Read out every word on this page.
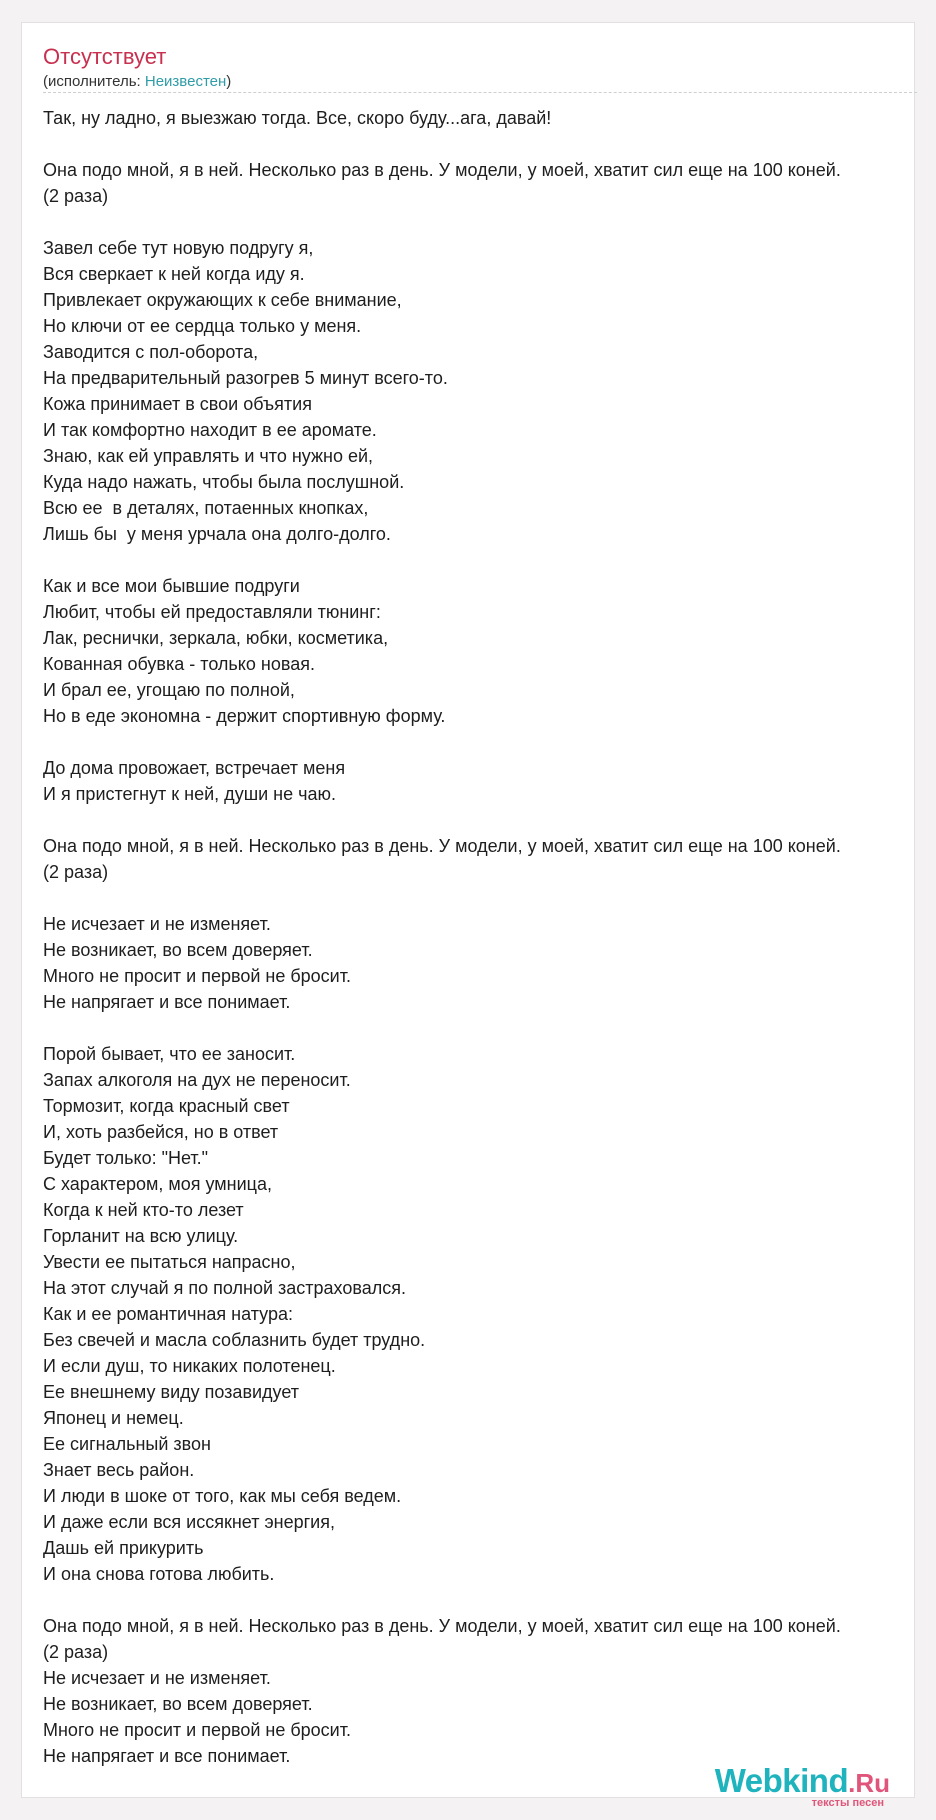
Отсутствует
(исполнитель: Неизвестен)
Так, ну ладно, я выезжаю тогда. Все, скоро буду...ага, давай!
Она подо мной, я в ней. Несколько раз в день. У модели, у моей, хватит сил еще на 100 коней.
(2 раза)
Завел себе тут новую подругу я,
Вся сверкает к ней когда иду я.
Привлекает окружающих к себе внимание,
Но ключи от ее сердца только у меня.
Заводится с пол-оборота,
На предварительный разогрев 5 минут всего-то.
Кожа принимает в свои объятия
И так комфортно находит в ее аромате.
Знаю, как ей управлять и что нужно ей,
Куда надо нажать, чтобы была послушной.
Всю ее  в деталях, потаенных кнопках,
Лишь бы  у меня урчала она долго-долго.
Как и все мои бывшие подруги
Любит, чтобы ей предоставляли тюнинг:
Лак, реснички, зеркала, юбки, косметика,
Кованная обувка - только новая.
И брал ее, угощаю по полной,
Но в еде экономна - держит спортивную форму.
До дома провожает, встречает меня
И я пристегнут к ней, души не чаю.
Она подо мной, я в ней. Несколько раз в день. У модели, у моей, хватит сил еще на 100 коней.
(2 раза)
Не исчезает и не изменяет.
Не возникает, во всем доверяет.
Много не просит и первой не бросит.
Не напрягает и все понимает.
Порой бывает, что ее заносит.
Запах алкоголя на дух не переносит.
Тормозит, когда красный свет
И, хоть разбейся, но в ответ
Будет только: "Нет."
С характером, моя умница,
Когда к ней кто-то лезет
Горланит на всю улицу.
Увести ее пытаться напрасно,
На этот случай я по полной застраховался.
Как и ее романтичная натура:
Без свечей и масла соблазнить будет трудно.
И если душ, то никаких полотенец.
Ее внешнему виду позавидует
Японец и немец.
Ее сигнальный звон
Знает весь район.
И люди в шоке от того, как мы себя ведем.
И даже если вся иссякнет энергия,
Дашь ей прикурить
И она снова готова любить.
Она подо мной, я в ней. Несколько раз в день. У модели, у моей, хватит сил еще на 100 коней.
(2 раза)
Не исчезает и не изменяет.
Не возникает, во всем доверяет.
Много не просит и первой не бросит.
Не напрягает и все понимает.
Webkind.Ru
тексты песен
